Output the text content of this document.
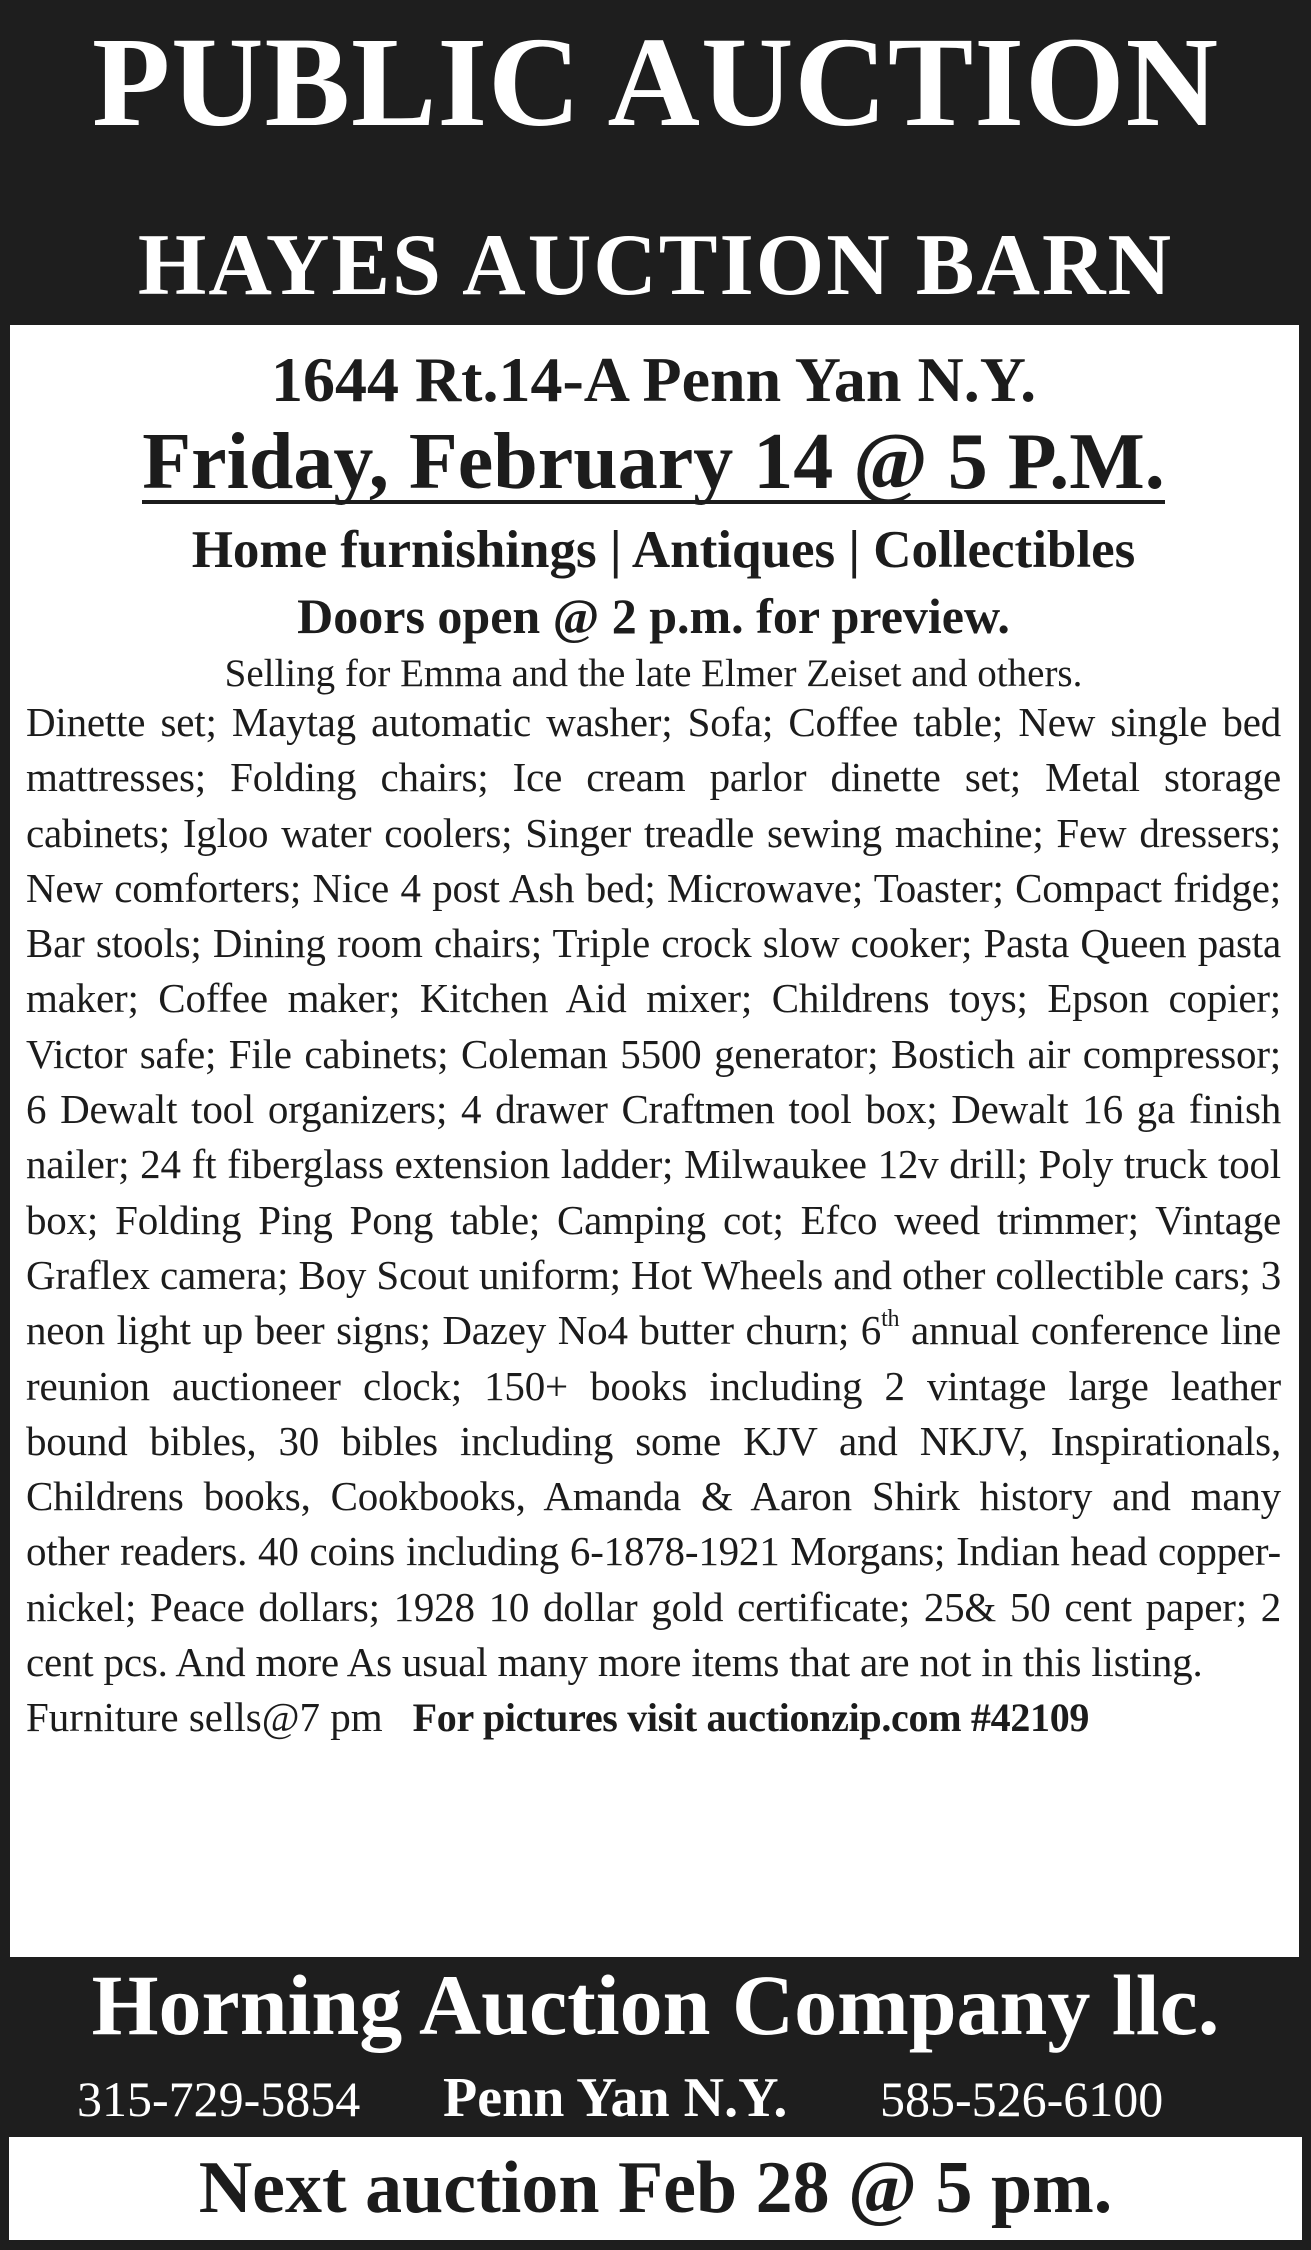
PUBLIC AUCTION
HAYES AUCTION BARN
1644 Rt.14-A Penn Yan N.Y.
Friday, February 14 @ 5 P.M.
Home furnishings | Antiques | Collectibles
Doors open @ 2 p.m. for preview.
Selling for Emma and the late Elmer Zeiset and others.
Dinette set; Maytag automatic washer; Sofa; Coffee table; New single bed mattresses; Folding chairs; Ice cream parlor dinette set; Metal storage cabinets; Igloo water coolers; Singer treadle sewing machine; Few dressers; New comforters; Nice 4 post Ash bed; Microwave; Toaster; Compact fridge; Bar stools; Dining room chairs; Triple crock slow cooker; Pasta Queen pasta maker; Coffee maker; Kitchen Aid mixer; Childrens toys; Epson copier; Victor safe; File cabinets; Coleman 5500 generator; Bostich air compressor; 6 Dewalt tool organizers; 4 drawer Craftmen tool box; Dewalt 16 ga finish nailer; 24 ft fiberglass extension ladder; Milwaukee 12v drill; Poly truck tool box; Folding Ping Pong table; Camping cot; Efco weed trimmer; Vintage Graflex camera; Boy Scout uniform; Hot Wheels and other collectible cars; 3 neon light up beer signs; Dazey No4 butter churn; 6th annual conference line reunion auctioneer clock; 150+ books including 2 vintage large leather bound bibles, 30 bibles including some KJV and NKJV, Inspirationals, Childrens books, Cookbooks, Amanda & Aaron Shirk history and many other readers. 40 coins including 6-1878-1921 Morgans; Indian head copper-nickel; Peace dollars; 1928 10 dollar gold certificate; 25& 50 cent paper; 2 cent pcs. And more As usual many more items that are not in this listing.
Furniture sells@7 pm For pictures visit auctionzip.com #42109
Horning Auction Company llc.
315-729-5854 Penn Yan N.Y. 585-526-6100
Next auction Feb 28 @ 5 pm.
